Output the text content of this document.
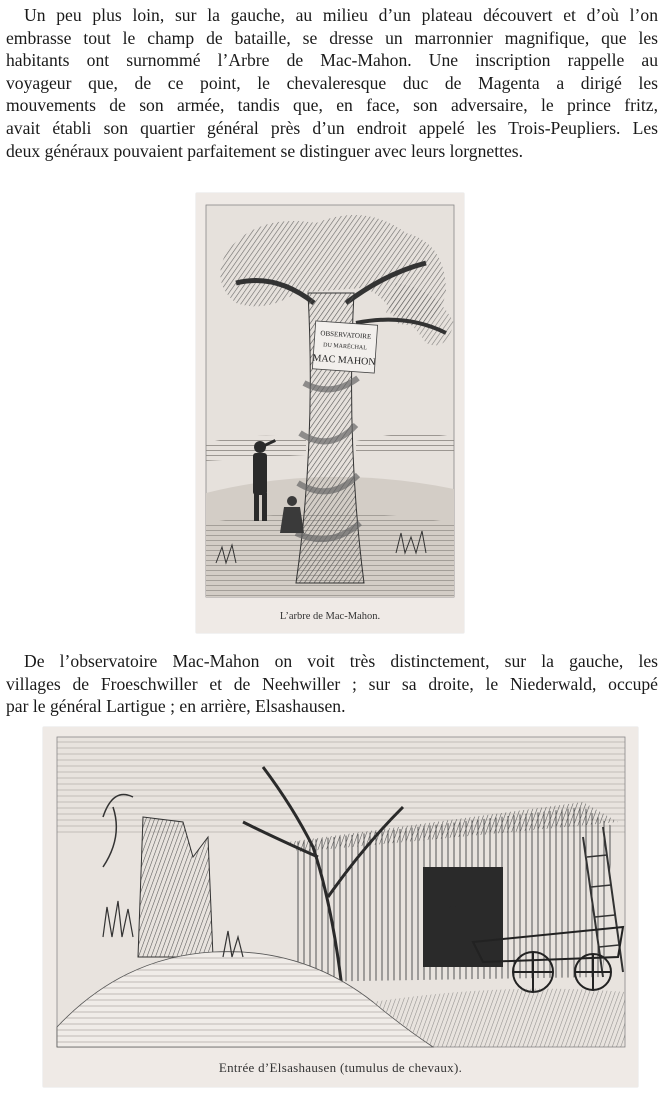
Un peu plus loin, sur la gauche, au milieu d’un plateau découvert et d’où l’on
embrasse tout le champ de bataille, se dresse un marronnier magnifique, que les
habitants ont surnommé l’Arbre de Mac-Mahon. Une inscription rappelle au
voyageur que, de ce point, le chevaleresque duc de Magenta a dirigé les
mouvements de son armée, tandis que, en face, son adversaire, le prince fritz,
avait établi son quartier général près d’un endroit appelé les Trois-Peupliers. Les
deux généraux pouvaient parfaitement se distinguer avec leurs lorgnettes.
OBSERVATOIRE
DU MARÉCHAL
MAC MAHON
L’arbre de Mac-Mahon.
De l’observatoire Mac-Mahon on voit très distinctement, sur la gauche, les
villages de Froeschwiller et de Neehwiller ; sur sa droite, le Niederwald, occupé
par le général Lartigue ; en arrière, Elsashausen.
Entrée d’Elsashausen (tumulus de chevaux).
